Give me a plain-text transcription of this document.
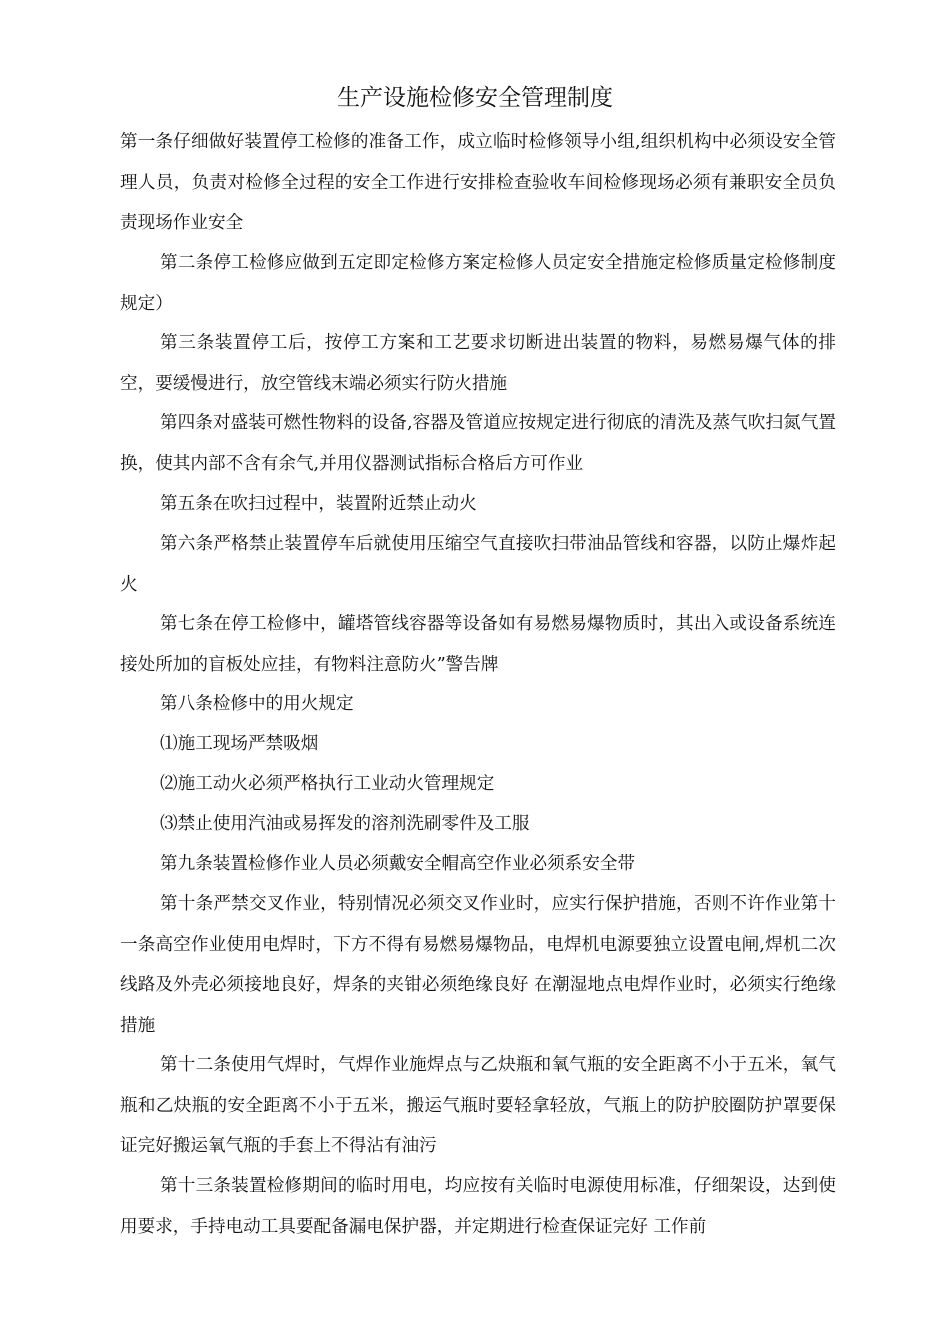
生产设施检修安全管理制度

第一条仔细做好装置停工检修的准备工作，成立临时检修领导小组,组织机构中必须设安全管理人员，负责对检修全过程的安全工作进行安排检查验收车间检修现场必须有兼职安全员负责现场作业安全

第二条停工检修应做到五定即定检修方案定检修人员定安全措施定检修质量定检修制度规定）

第三条装置停工后，按停工方案和工艺要求切断进出装置的物料，易燃易爆气体的排空，要缓慢进行，放空管线末端必须实行防火措施

第四条对盛装可燃性物料的设备,容器及管道应按规定进行彻底的清洗及蒸气吹扫氮气置换，使其内部不含有余气,并用仪器测试指标合格后方可作业

第五条在吹扫过程中，装置附近禁止动火

第六条严格禁止装置停车后就使用压缩空气直接吹扫带油品管线和容器，以防止爆炸起火

第七条在停工检修中，罐塔管线容器等设备如有易燃易爆物质时，其出入或设备系统连接处所加的盲板处应挂，有物料注意防火”警告牌

第八条检修中的用火规定

⑴施工现场严禁吸烟

⑵施工动火必须严格执行工业动火管理规定

⑶禁止使用汽油或易挥发的溶剂洗刷零件及工服

第九条装置检修作业人员必须戴安全帽高空作业必须系安全带

第十条严禁交叉作业，特别情况必须交叉作业时，应实行保护措施，否则不许作业第十一条高空作业使用电焊时，下方不得有易燃易爆物品，电焊机电源要独立设置电闸,焊机二次线路及外壳必须接地良好，焊条的夹钳必须绝缘良好 在潮湿地点电焊作业时，必须实行绝缘措施

第十二条使用气焊时，气焊作业施焊点与乙炔瓶和氧气瓶的安全距离不小于五米，氧气瓶和乙炔瓶的安全距离不小于五米，搬运气瓶时要轻拿轻放，气瓶上的防护胶圈防护罩要保证完好搬运氧气瓶的手套上不得沾有油污

第十三条装置检修期间的临时用电，均应按有关临时电源使用标准，仔细架设，达到使用要求，手持电动工具要配备漏电保护器，并定期进行检查保证完好 工作前
